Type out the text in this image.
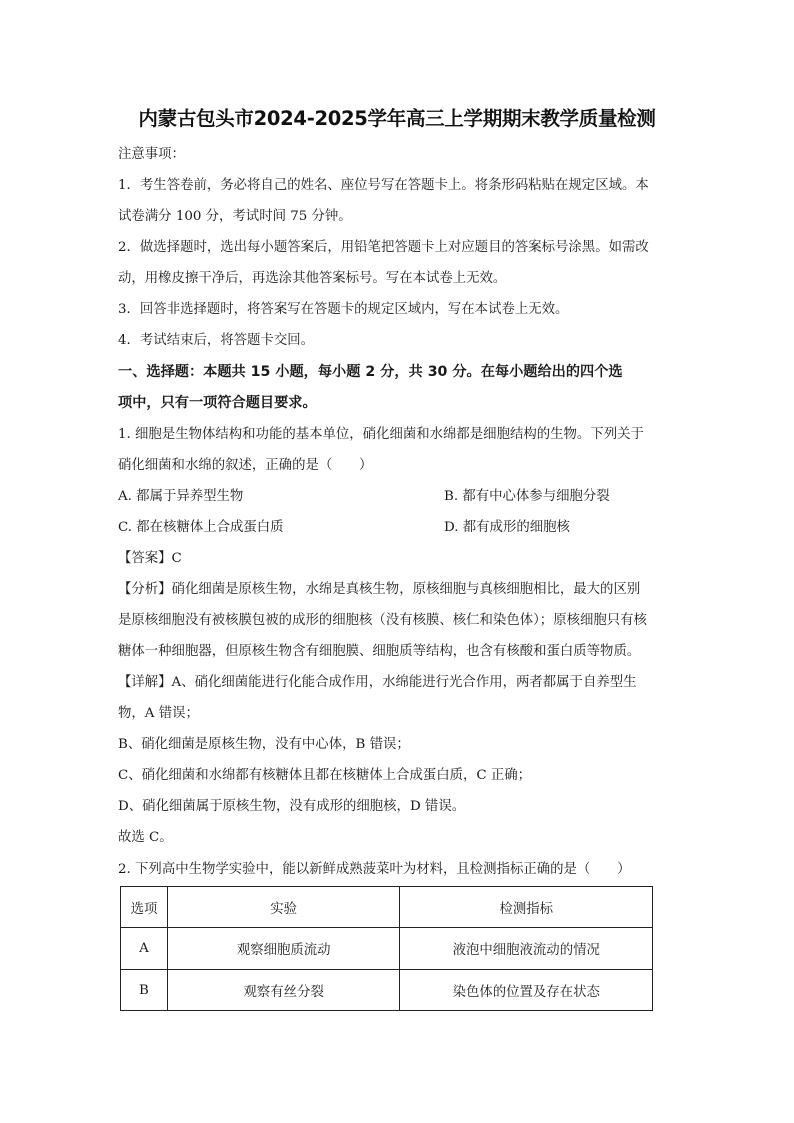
内蒙古包头市2024-2025学年高三上学期期末教学质量检测
注意事项：
1．考生答卷前，务必将自己的姓名、座位号写在答题卡上。将条形码粘贴在规定区域。本
试卷满分 100 分，考试时间 75 分钟。
2．做选择题时，选出每小题答案后，用铅笔把答题卡上对应题目的答案标号涂黑。如需改
动，用橡皮擦干净后，再选涂其他答案标号。写在本试卷上无效。
3．回答非选择题时，将答案写在答题卡的规定区域内，写在本试卷上无效。
4．考试结束后，将答题卡交回。
一、选择题：本题共 15 小题，每小题 2 分，共 30 分。在每小题给出的四个选
项中，只有一项符合题目要求。
1. 细胞是生物体结构和功能的基本单位，硝化细菌和水绵都是细胞结构的生物。下列关于
硝化细菌和水绵的叙述，正确的是（　　）
A. 都属于异养型生物	B. 都有中心体参与细胞分裂
C. 都在核糖体上合成蛋白质	D. 都有成形的细胞核
【答案】C
【分析】硝化细菌是原核生物，水绵是真核生物，原核细胞与真核细胞相比，最大的区别
是原核细胞没有被核膜包被的成形的细胞核（没有核膜、核仁和染色体）；原核细胞只有核
糖体一种细胞器，但原核生物含有细胞膜、细胞质等结构，也含有核酸和蛋白质等物质。
【详解】A、硝化细菌能进行化能合成作用，水绵能进行光合作用，两者都属于自养型生
物，A 错误；
B、硝化细菌是原核生物，没有中心体，B 错误；
C、硝化细菌和水绵都有核糖体且都在核糖体上合成蛋白质，C 正确；
D、硝化细菌属于原核生物，没有成形的细胞核，D 错误。
故选 C。
2. 下列高中生物学实验中，能以新鲜成熟菠菜叶为材料，且检测指标正确的是（　　）
选项	实验	检测指标
A	观察细胞质流动	液泡中细胞液流动的情况
B	观察有丝分裂	染色体的位置及存在状态
